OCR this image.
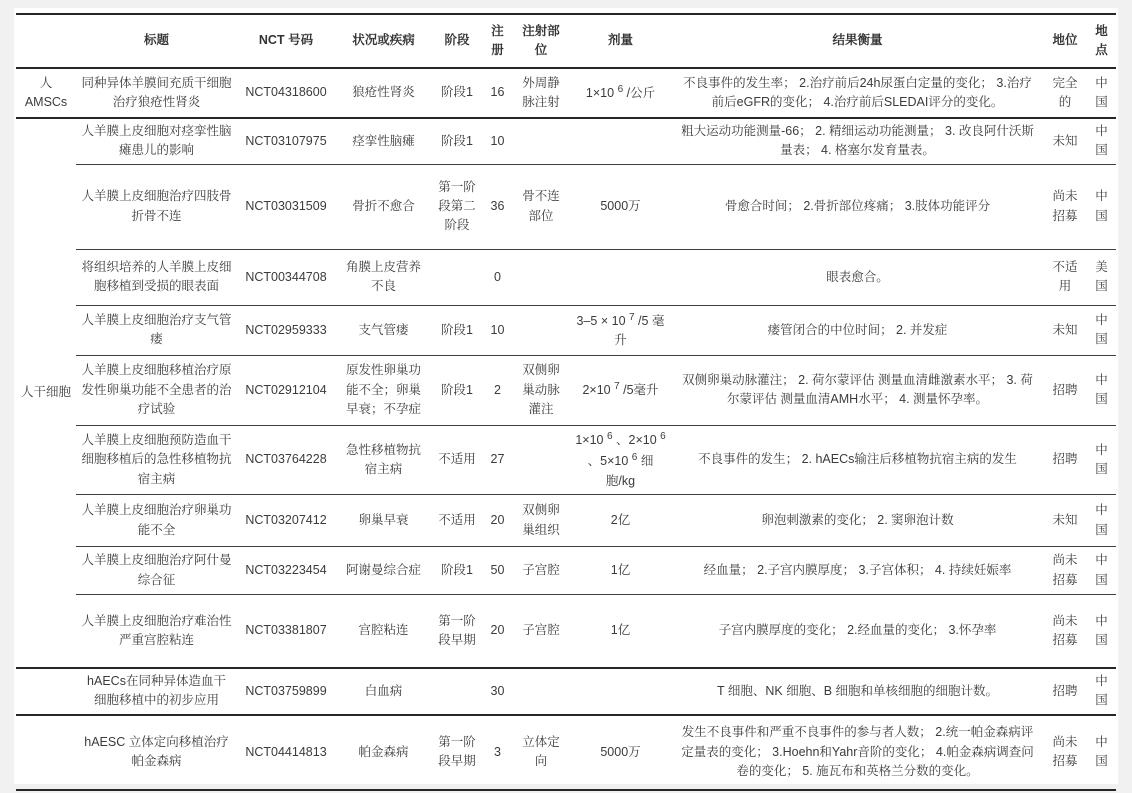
	标题	NCT 号码	状况或疾病	阶段	注册	注射部位	剂量	结果衡量	地位	地点
人AMSCs	同种异体羊膜间充质干细胞治疗狼疮性肾炎	NCT04318600	狼疮性肾炎	阶段1	16	外周静脉注射	1×10 $^6$ /公斤	不良事件的发生率； 2.治疗前后24h尿蛋白定量的变化； 3.治疗前后eGFR的变化； 4.治疗前后SLEDAI评分的变化。	完全的	中国
人干细胞	人羊膜上皮细胞对痉挛性脑瘫患儿的影响	NCT03107975	痉挛性脑瘫	阶段1	10			粗大运动功能测量-66； 2. 精细运动功能测量； 3. 改良阿什沃斯量表； 4. 格塞尔发育量表。	未知	中国
	人羊膜上皮细胞治疗四肢骨折骨不连	NCT03031509	骨折不愈合	第一阶段第二阶段	36	骨不连部位	5000万	骨愈合时间； 2.骨折部位疼痛； 3.肢体功能评分	尚未招募	中国
	将组织培养的人羊膜上皮细胞移植到受损的眼表面	NCT00344708	角膜上皮营养不良		0			眼表愈合。	不适用	美国
	人羊膜上皮细胞治疗支气管瘘	NCT02959333	支气管瘘	阶段1	10		3–5 × 10 $^7$ /5 毫升	瘘管闭合的中位时间； 2. 并发症	未知	中国
	人羊膜上皮细胞移植治疗原发性卵巢功能不全患者的治疗试验	NCT02912104	原发性卵巢功能不全；卵巢早衰；不孕症	阶段1	2	双侧卵巢动脉灌注	2×10 $^7$ /5毫升	双侧卵巢动脉灌注； 2. 荷尔蒙评估 测量血清雌激素水平； 3. 荷尔蒙评估 测量血清AMH水平； 4. 测量怀孕率。	招聘	中国
	人羊膜上皮细胞预防造血干细胞移植后的急性移植物抗宿主病	NCT03764228	急性移植物抗宿主病	不适用	27		1×10 $^6$ 、2×10 $^6$ 、5×10 $^6$ 细胞/kg	不良事件的发生； 2. hAECs输注后移植物抗宿主病的发生	招聘	中国
	人羊膜上皮细胞治疗卵巢功能不全	NCT03207412	卵巢早衰	不适用	20	双侧卵巢组织	2亿	卵泡刺激素的变化； 2. 窦卵泡计数	未知	中国
	人羊膜上皮细胞治疗阿什曼综合征	NCT03223454	阿谢曼综合症	阶段1	50	子宫腔	1亿	经血量； 2.子宫内膜厚度； 3.子宫体积； 4. 持续妊娠率	尚未招募	中国
	人羊膜上皮细胞治疗难治性严重宫腔粘连	NCT03381807	宫腔粘连	第一阶段早期	20	子宫腔	1亿	子宫内膜厚度的变化； 2.经血量的变化； 3.怀孕率	尚未招募	中国
	hAECs在同种异体造血干细胞移植中的初步应用	NCT03759899	白血病		30			T 细胞、NK 细胞、B 细胞和单核细胞的细胞计数。	招聘	中国
	hAESC 立体定向移植治疗帕金森病	NCT04414813	帕金森病	第一阶段早期	3	立体定向	5000万	发生不良事件和严重不良事件的参与者人数； 2.统一帕金森病评定量表的变化； 3.Hoehn和Yahr音阶的变化； 4.帕金森病调查问卷的变化； 5. 施瓦布和英格兰分数的变化。	尚未招募	中国
